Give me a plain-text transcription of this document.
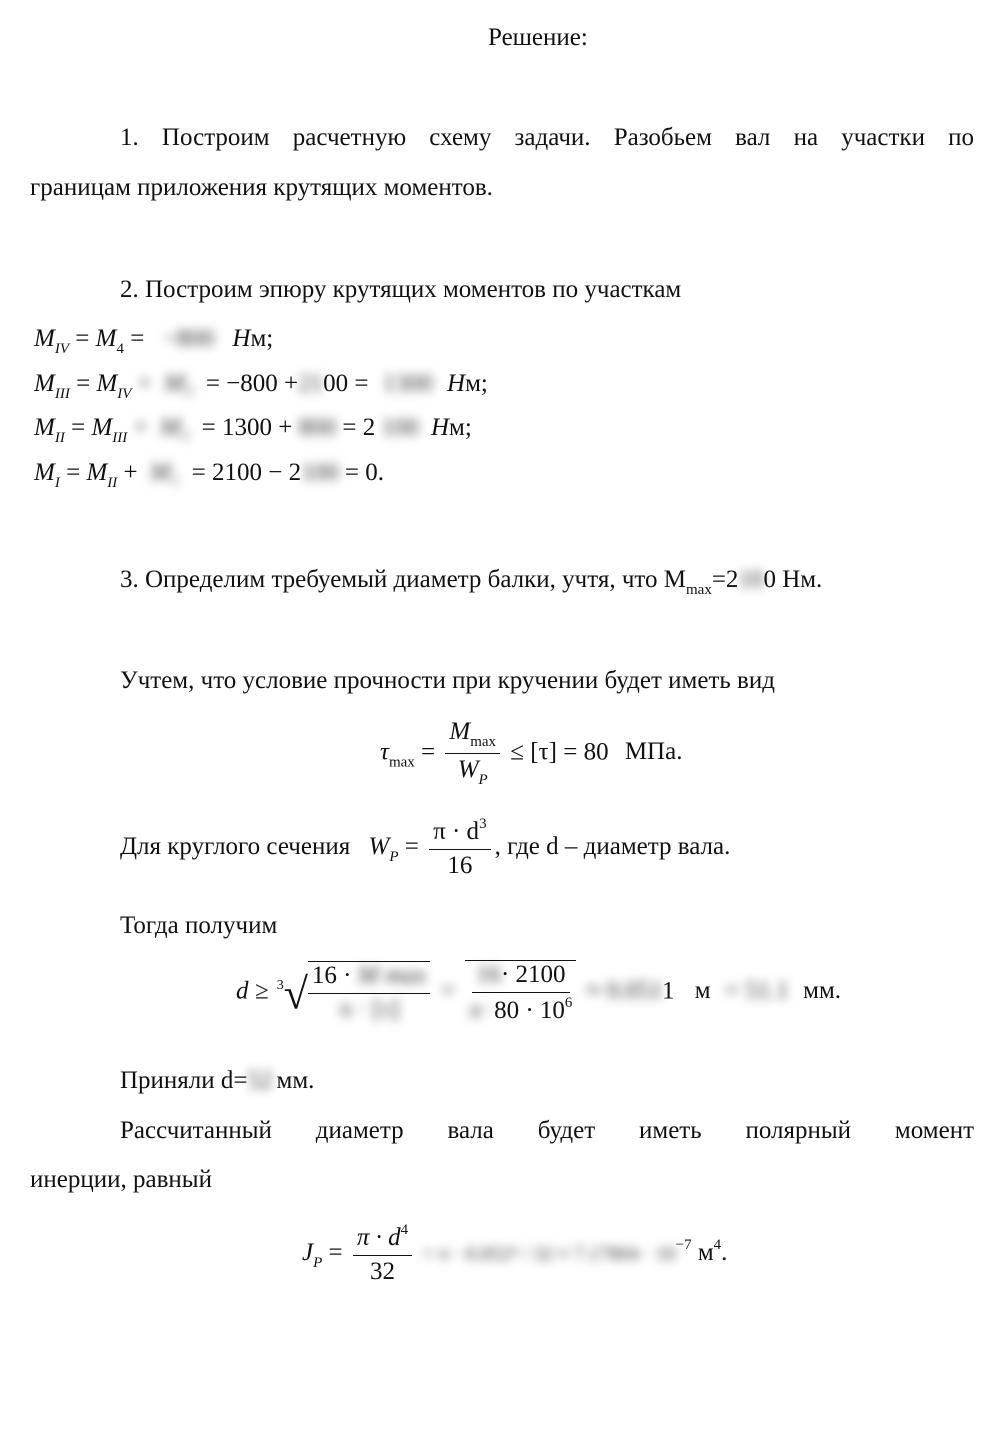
Решение:
1. Построим расчетную схему задачи. Разобьем вал на участки по
границам приложения крутящих моментов.
2. Построим эпюру крутящих моментов по участкам
$M_{IV} = M_4 = -800$ Нм;
$M_{III} = M_{IV} + M_3 = -800 +2100 = 1300$ Нм;
$M_{II} = M_{III} + M_2 = 1300 + 800 = 2$ 100 Нм;
$M_I = M_{II} + M_1 = 2100 - 2100 = 0$.
3. Определим требуемый диаметр балки, учтя, что $M_{max}=2100$ Нм.
Учтем, что условие прочности при кручении будет иметь вид
$\tau_{max} = \frac{M_{max}}{W_P} \le [\tau] = 80$ МПа.
Для круглого сечения $W_P = \frac{\pi \cdot d^3}{16}$ , где d – диаметр вала.
Тогда получим
$d \ge ^3√ \frac{\text{16 · M max}}{\pi \cdot [\tau]} = \frac{16\cdot 2100}{\pi \cdot 80 \cdot 10^6} \approx 0.0511$ м = 51.1 мм.
Приняли d=52 мм.
Рассчитанный диаметр вала будет иметь полярный момент
инерции, равный
$J_P = \frac{\pi \cdot d^4}{32} = \pi \cdot 0.052^4 / 32 \approx 7.17804 \cdot 10^{-7}$ $м^4$.
